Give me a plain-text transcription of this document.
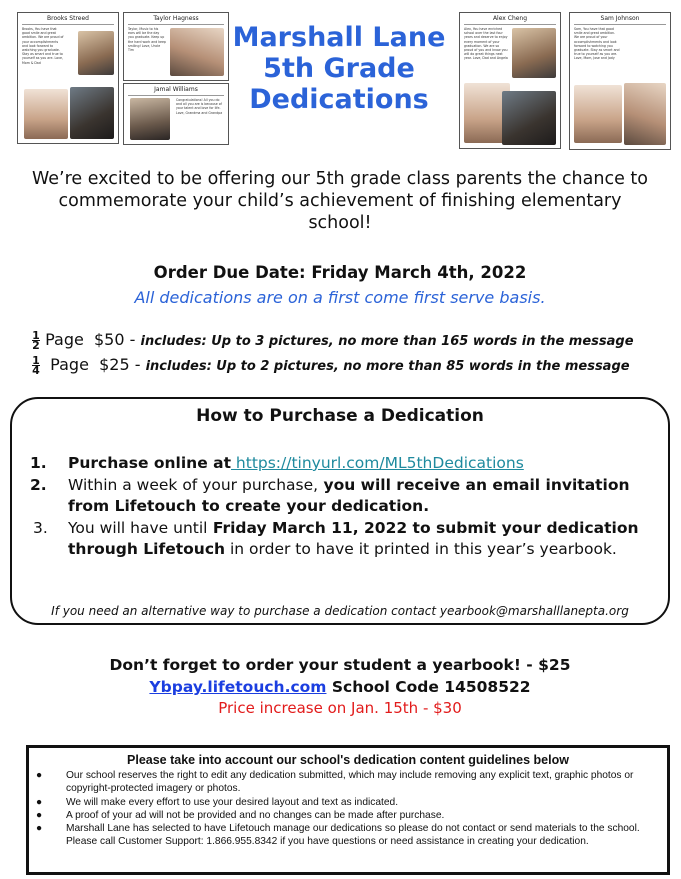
Brooks Streed
Brooks, You have that good smile and great ambition. We are proud of your accomplishments and look forward to watching you graduate. Stay as smart and true to yourself as you are. Love, Mom & Dad
Taylor Hagness
Taylor, Music to his ears will be the day you graduate. Keep up the hard work and keep smiling! Love, Uncle Tim
Jamal Williams
Congratulations! All you do and all you are is because of your talent and love for life. Love, Grandma and Grandpa
Alex Cheng
Alex, You have enriched school over the last four years and deserve to enjoy every moment of your graduation. We are so proud of you and know you will do great things next year. Love, Dad and Angela
Sam Johnson
Sam, You have that good smile and great ambition. We are proud of your accomplishments and look forward to watching you graduate. Stay as smart and true to yourself as you are. Love, Mom, Jose and Jody
Marshall Lane
5th Grade
Dedications
We’re excited to be offering our 5th grade class parents the chance to commemorate your child’s achievement of finishing elementary school!
Order Due Date: Friday March 4th, 2022
All dedications are on a first come first serve basis.
$\frac{1}{2}$ Page $50 - includes: Up to 3 pictures, no more than 165 words in the message
$\frac{1}{4}$ Page $25 - includes: Up to 2 pictures, no more than 85 words in the message
How to Purchase a Dedication
1. Purchase online at https://tinyurl.com/ML5thDedications
2. Within a week of your purchase, you will receive an email invitation from Lifetouch to create your dedication.
3. You will have until Friday March 11, 2022 to submit your dedication through Lifetouch in order to have it printed in this year’s yearbook.
If you need an alternative way to purchase a dedication contact yearbook@marshalllanepta.org
Don’t forget to order your student a yearbook! - $25
Ybpay.lifetouch.com School Code 14508522
Price increase on Jan. 15th - $30
Please take into account our school's dedication content guidelines below
● Our school reserves the right to edit any dedication submitted, which may include removing any explicit text, graphic photos or copyright-protected imagery or photos.
● We will make every effort to use your desired layout and text as indicated.
● A proof of your ad will not be provided and no changes can be made after purchase.
● Marshall Lane has selected to have Lifetouch manage our dedications so please do not contact or send materials to the school. Please call Customer Support: 1.866.955.8342 if you have questions or need assistance in creating your dedication.
